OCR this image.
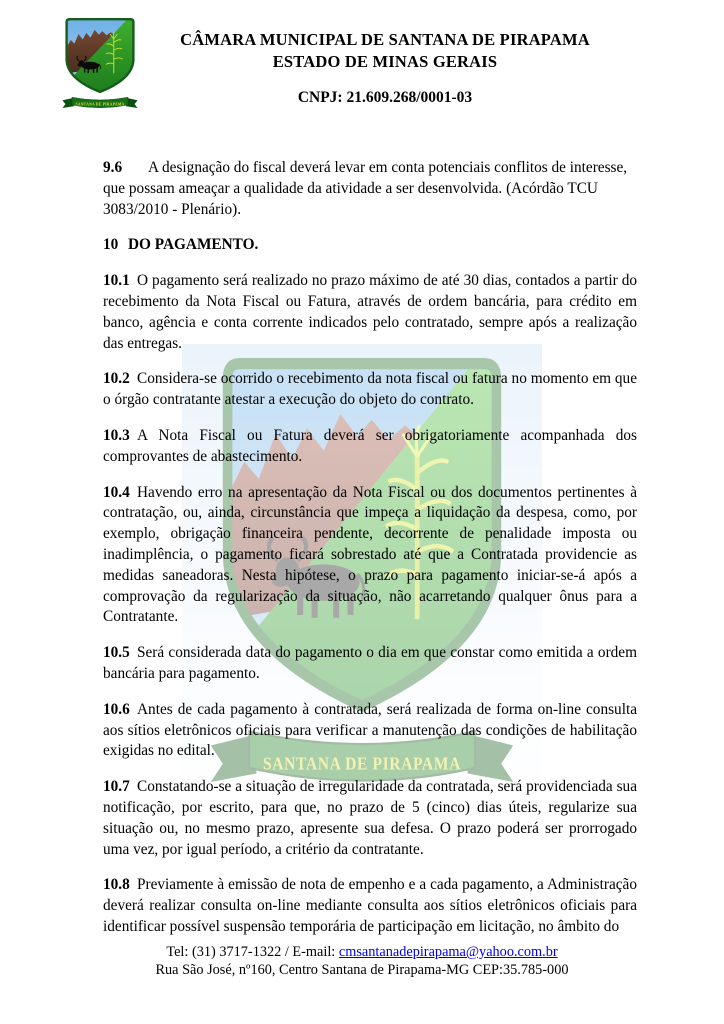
SANTANA DE PIRAPAMA
CÂMARA MUNICIPAL DE SANTANA DE PIRAPAMA
ESTADO DE MINAS GERAIS
CNPJ: 21.609.268/0001-03
SANTANA DE PIRAPAMA

9.6 A designação do fiscal deverá levar em conta potenciais conflitos de interesse, que possam ameaçar a qualidade da atividade a ser desenvolvida. (Acórdão TCU 3083/2010 - Plenário).

10 DO PAGAMENTO.

10.1 O pagamento será realizado no prazo máximo de até 30 dias, contados a partir do recebimento da Nota Fiscal ou Fatura, através de ordem bancária, para crédito em banco, agência e conta corrente indicados pelo contratado, sempre após a realização das entregas.

10.2 Considera-se ocorrido o recebimento da nota fiscal ou fatura no momento em que o órgão contratante atestar a execução do objeto do contrato.

10.3 A Nota Fiscal ou Fatura deverá ser obrigatoriamente acompanhada dos comprovantes de abastecimento.

10.4 Havendo erro na apresentação da Nota Fiscal ou dos documentos pertinentes à contratação, ou, ainda, circunstância que impeça a liquidação da despesa, como, por exemplo, obrigação financeira pendente, decorrente de penalidade imposta ou inadimplência, o pagamento ficará sobrestado até que a Contratada providencie as medidas saneadoras. Nesta hipótese, o prazo para pagamento iniciar-se-á após a comprovação da regularização da situação, não acarretando qualquer ônus para a Contratante.

10.5 Será considerada data do pagamento o dia em que constar como emitida a ordem bancária para pagamento.

10.6 Antes de cada pagamento à contratada, será realizada de forma on-line consulta aos sítios eletrônicos oficiais para verificar a manutenção das condições de habilitação exigidas no edital.

10.7 Constatando-se a situação de irregularidade da contratada, será providenciada sua notificação, por escrito, para que, no prazo de 5 (cinco) dias úteis, regularize sua situação ou, no mesmo prazo, apresente sua defesa. O prazo poderá ser prorrogado uma vez, por igual período, a critério da contratante.

10.8 Previamente à emissão de nota de empenho e a cada pagamento, a Administração deverá realizar consulta on-line mediante consulta aos sítios eletrônicos oficiais para identificar possível suspensão temporária de participação em licitação, no âmbito do

Tel: (31) 3717-1322 / E-mail: cmsantanadepirapama@yahoo.com.br
Rua São José, nº160, Centro Santana de Pirapama-MG CEP:35.785-000
